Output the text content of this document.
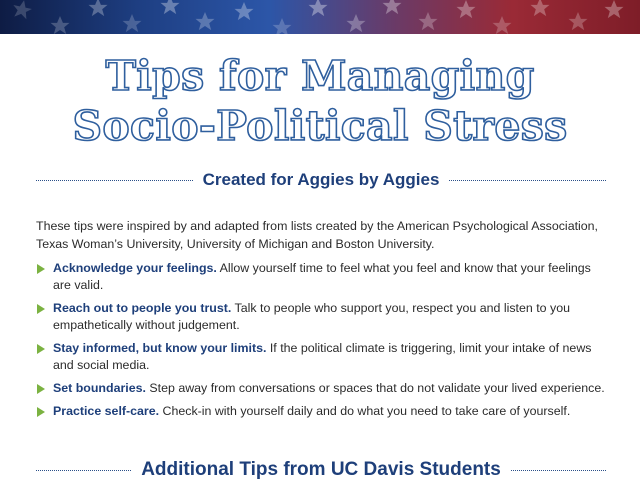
Tips for Managing
Socio-Political Stress
Created for Aggies by Aggies

These tips were inspired by and adapted from lists created by the American Psychological Association, Texas Woman’s University, University of Michigan and Boston University.

Acknowledge your feelings. Allow yourself time to feel what you feel and know that your feelings are valid.
Reach out to people you trust. Talk to people who support you, respect you and listen to you empathetically without judgement.
Stay informed, but know your limits. If the political climate is triggering, limit your intake of news and social media.
Set boundaries. Step away from conversations or spaces that do not validate your lived experience.
Practice self-care. Check-in with yourself daily and do what you need to take care of yourself.
Additional Tips from UC Davis Students
